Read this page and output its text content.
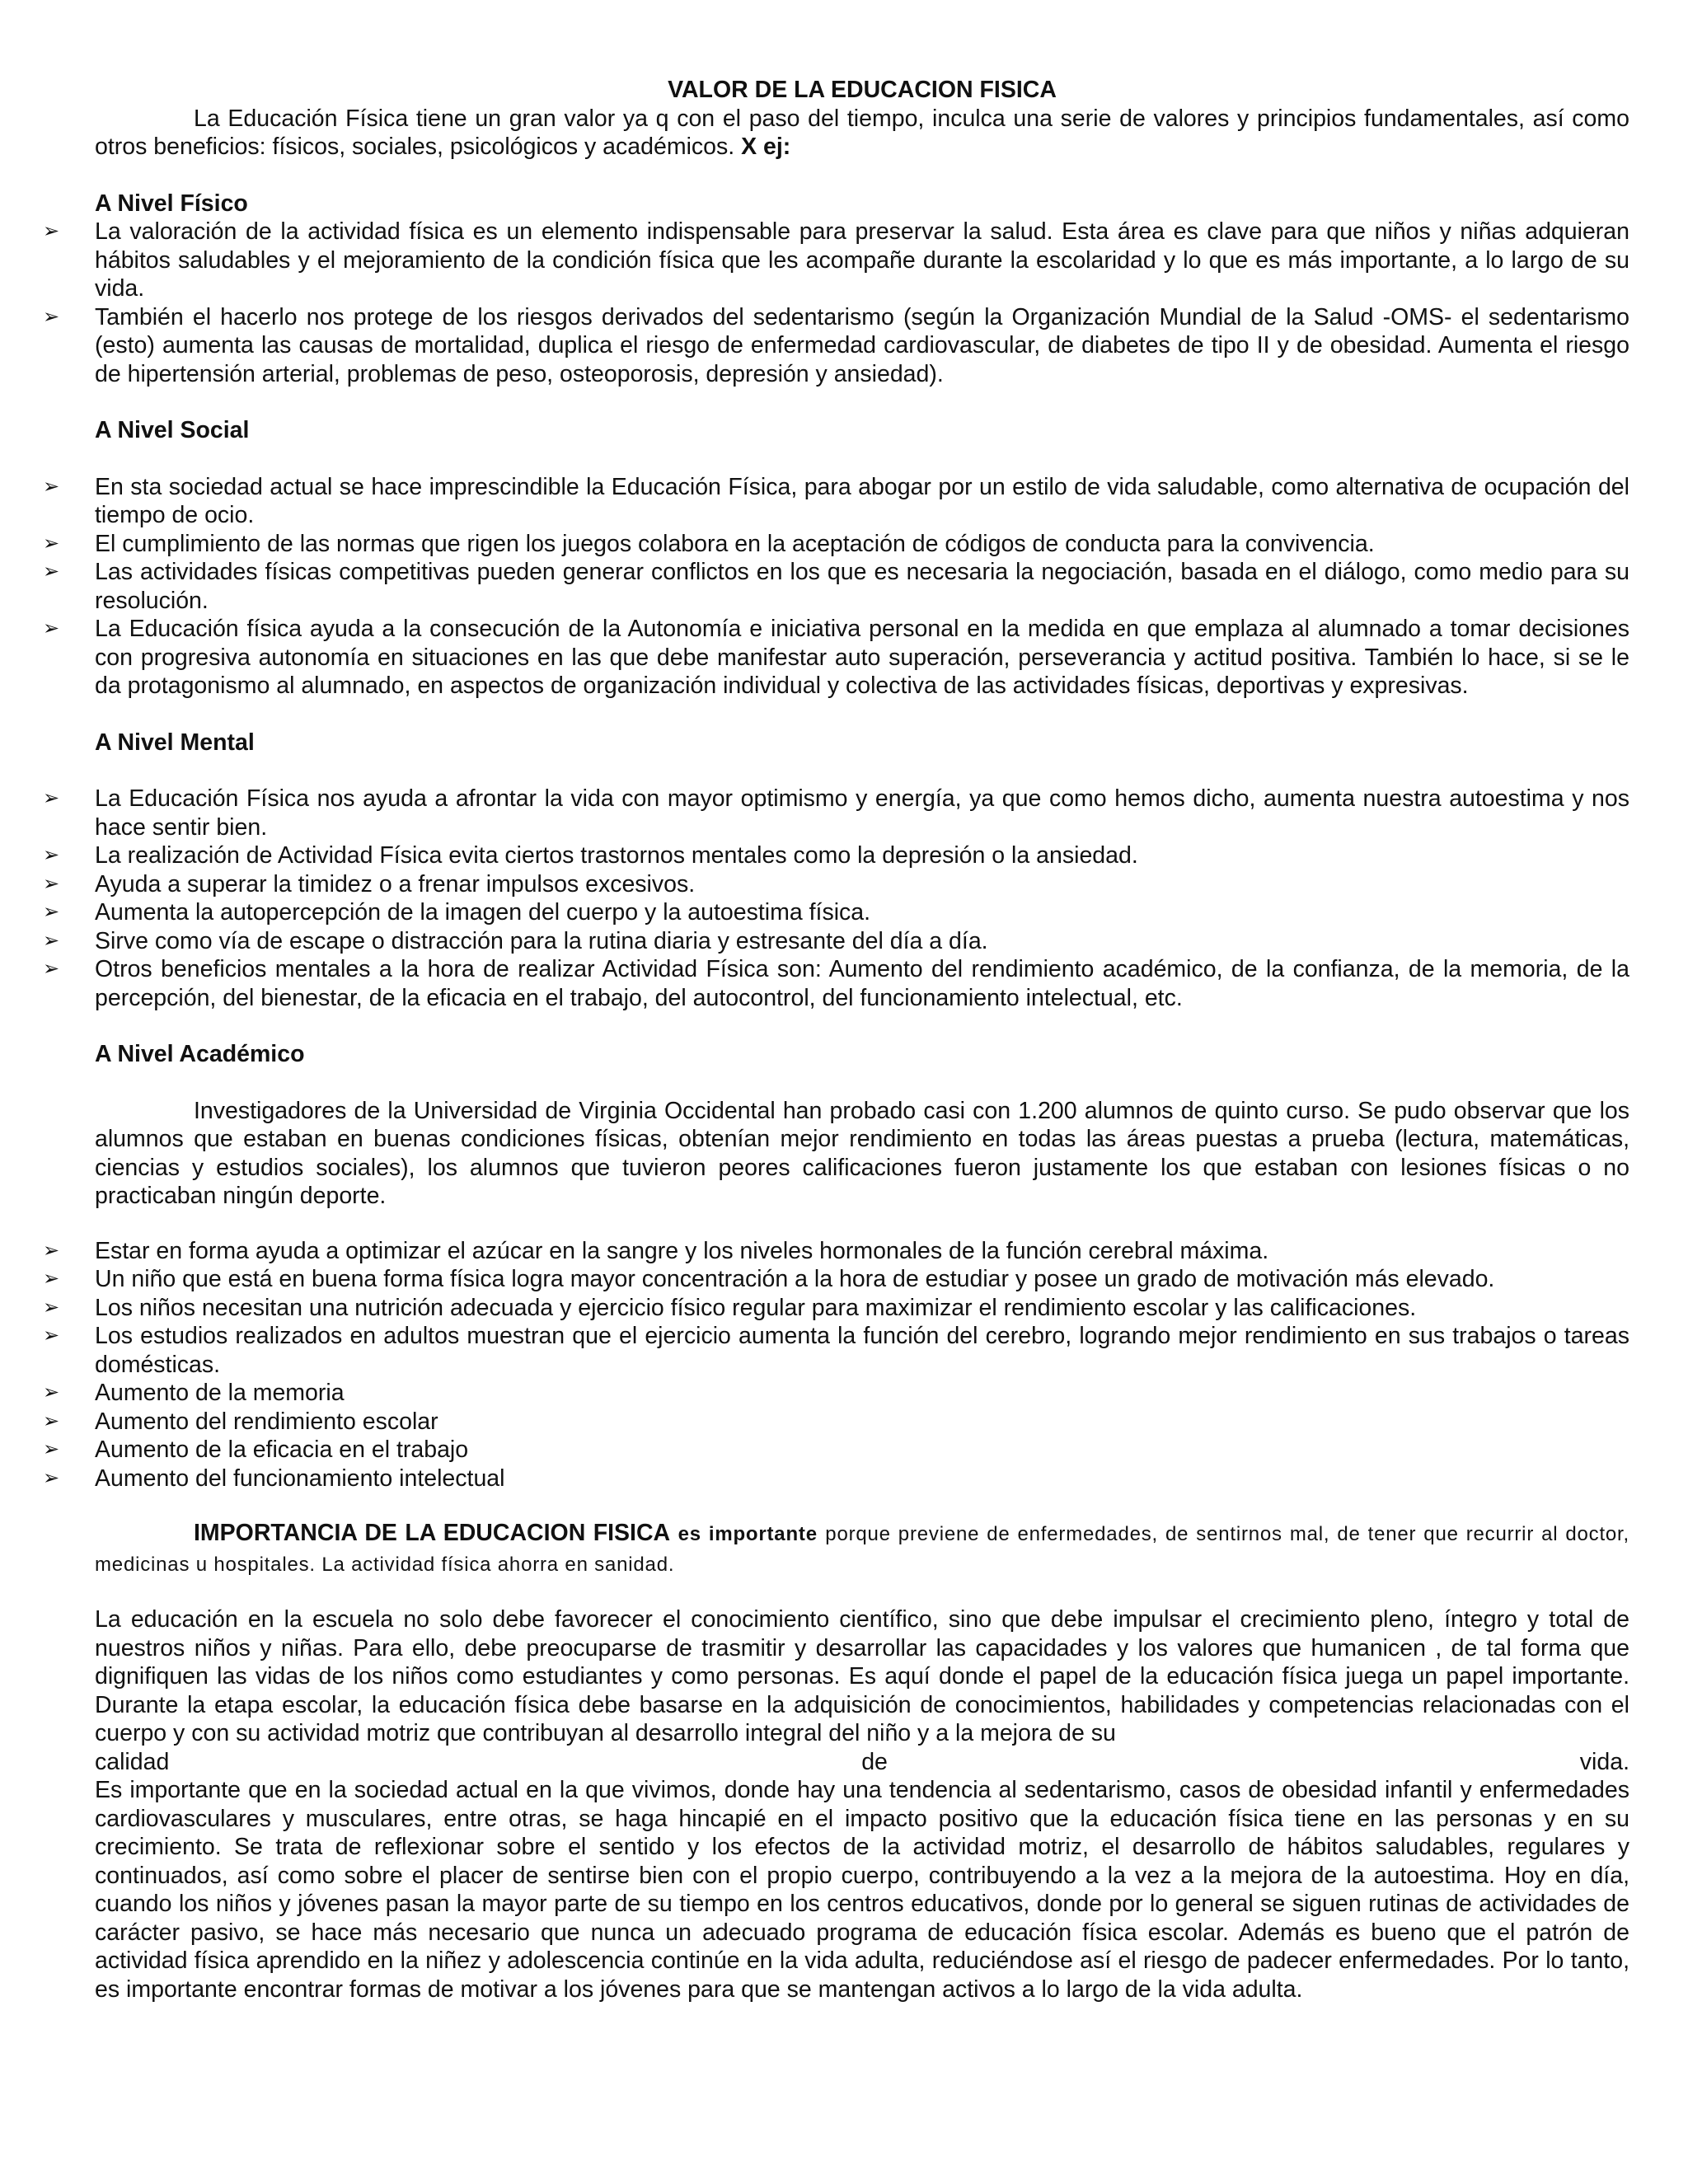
VALOR DE LA EDUCACION FISICA

La Educación Física tiene un gran valor ya q con el paso del tiempo, inculca una serie de valores y principios fundamentales, así como otros beneficios: físicos, sociales, psicológicos y académicos. X ej:

A Nivel Físico
➢	La valoración de la actividad física es un elemento indispensable para preservar la salud. Esta área es clave para que niños y niñas adquieran hábitos saludables y el mejoramiento de la condición física que les acompañe durante la escolaridad y lo que es más importante, a lo largo de su vida.
➢	También el hacerlo nos protege de los riesgos derivados del sedentarismo (según la Organización Mundial de la Salud -OMS- el sedentarismo (esto) aumenta las causas de mortalidad, duplica el riesgo de enfermedad cardiovascular, de diabetes de tipo II y de obesidad. Aumenta el riesgo de hipertensión arterial, problemas de peso, osteoporosis, depresión y ansiedad).
A Nivel Social
➢	En sta sociedad actual se hace imprescindible la Educación Física, para abogar por un estilo de vida saludable, como alternativa de ocupación del tiempo de ocio.
➢	El cumplimiento de las normas que rigen los juegos colabora en la aceptación de códigos de conducta para la convivencia.
➢	Las actividades físicas competitivas pueden generar conflictos en los que es necesaria la negociación, basada en el diálogo, como medio para su resolución.
➢	La Educación física ayuda a la consecución de la Autonomía e iniciativa personal en la medida en que emplaza al alumnado a tomar decisiones con progresiva autonomía en situaciones en las que debe manifestar auto superación, perseverancia y actitud positiva. También lo hace, si se le da protagonismo al alumnado, en aspectos de organización individual y colectiva de las actividades físicas, deportivas y expresivas.
A Nivel Mental
➢	La Educación Física nos ayuda a afrontar la vida con mayor optimismo y energía, ya que como hemos dicho, aumenta nuestra autoestima y nos hace sentir bien.
➢	La realización de Actividad Física evita ciertos trastornos mentales como la depresión o la ansiedad.
➢	Ayuda a superar la timidez o a frenar impulsos excesivos.
➢	Aumenta la autopercepción de la imagen del cuerpo y la autoestima física.
➢	Sirve como vía de escape o distracción para la rutina diaria y estresante del día a día.
➢	Otros beneficios mentales a la hora de realizar Actividad Física son: Aumento del rendimiento académico, de la confianza, de la memoria, de la percepción, del bienestar, de la eficacia en el trabajo, del autocontrol, del funcionamiento intelectual, etc.
A Nivel Académico

Investigadores de la Universidad de Virginia Occidental han probado casi con 1.200 alumnos de quinto curso. Se pudo observar que los alumnos que estaban en buenas condiciones físicas, obtenían mejor rendimiento en todas las áreas puestas a prueba (lectura, matemáticas, ciencias y estudios sociales), los alumnos que tuvieron peores calificaciones fueron justamente los que estaban con lesiones físicas o no practicaban ningún deporte.

➢	Estar en forma ayuda a optimizar el azúcar en la sangre y los niveles hormonales de la función cerebral máxima.
➢	Un niño que está en buena forma física logra mayor concentración a la hora de estudiar y posee un grado de motivación más elevado.
➢	Los niños necesitan una nutrición adecuada y ejercicio físico regular para maximizar el rendimiento escolar y las calificaciones.
➢	Los estudios realizados en adultos muestran que el ejercicio aumenta la función del cerebro, logrando mejor rendimiento en sus trabajos o tareas domésticas.
➢	Aumento de la memoria
➢	Aumento del rendimiento escolar
➢	Aumento de la eficacia en el trabajo
➢	Aumento del funcionamiento intelectual

IMPORTANCIA DE LA EDUCACION FISICA es importante porque previene de enfermedades, de sentirnos mal, de tener que recurrir al doctor, medicinas u hospitales. La actividad física ahorra en sanidad.

La educación en la escuela no solo debe favorecer el conocimiento científico, sino que debe impulsar el crecimiento pleno, íntegro y total de nuestros niños y niñas. Para ello, debe preocuparse de trasmitir y desarrollar las capacidades y los valores que humanicen , de tal forma que dignifiquen las vidas de los niños como estudiantes y como personas. Es aquí donde el papel de la educación física juega un papel importante. Durante la etapa escolar, la educación física debe basarse en la adquisición de conocimientos, habilidades y competencias relacionadas con el cuerpo y con su actividad motriz que contribuyan al desarrollo integral del niño y a la mejora de su

calidad	de	vida.

Es importante que en la sociedad actual en la que vivimos, donde hay una tendencia al sedentarismo, casos de obesidad infantil y enfermedades cardiovasculares y musculares, entre otras, se haga hincapié en el impacto positivo que la educación física tiene en las personas y en su crecimiento. Se trata de reflexionar sobre el sentido y los efectos de la actividad motriz, el desarrollo de hábitos saludables, regulares y continuados, así como sobre el placer de sentirse bien con el propio cuerpo, contribuyendo a la vez a la mejora de la autoestima. Hoy en día, cuando los niños y jóvenes pasan la mayor parte de su tiempo en los centros educativos, donde por lo general se siguen rutinas de actividades de carácter pasivo, se hace más necesario que nunca un adecuado programa de educación física escolar. Además es bueno que el patrón de actividad física aprendido en la niñez y adolescencia continúe en la vida adulta, reduciéndose así el riesgo de padecer enfermedades. Por lo tanto, es importante encontrar formas de motivar a los jóvenes para que se mantengan activos a lo largo de la vida adulta.
